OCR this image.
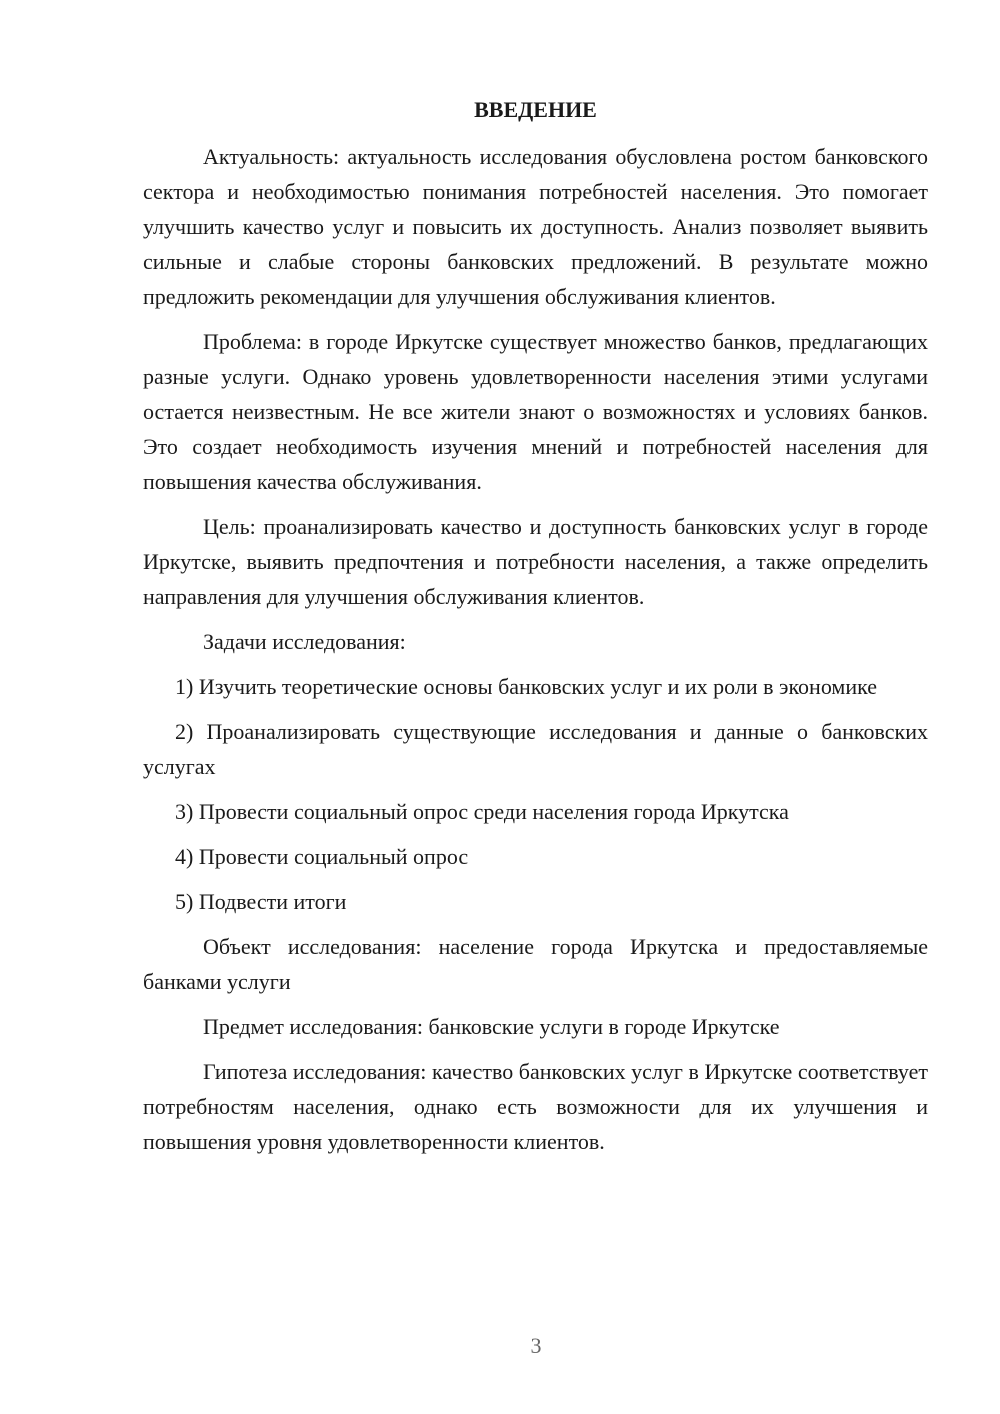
ВВЕДЕНИЕ

Актуальность: актуальность исследования обусловлена ростом банковского сектора и необходимостью понимания потребностей населения. Это помогает улучшить качество услуг и повысить их доступность. Анализ позволяет выявить сильные и слабые стороны банковских предложений. В результате можно предложить рекомендации для улучшения обслуживания клиентов.

Проблема: в городе Иркутске существует множество банков, предлагающих разные услуги. Однако уровень удовлетворенности населения этими услугами остается неизвестным. Не все жители знают о возможностях и условиях банков. Это создает необходимость изучения мнений и потребностей населения для повышения качества обслуживания.

Цель: проанализировать качество и доступность банковских услуг в городе Иркутске, выявить предпочтения и потребности населения, а также определить направления для улучшения обслуживания клиентов.

Задачи исследования:

1) Изучить теоретические основы банковских услуг и их роли в экономике

2) Проанализировать существующие исследования и данные о банковских услугах

3) Провести социальный опрос среди населения города Иркутска

4) Провести социальный опрос

5) Подвести итоги

Объект исследования: население города Иркутска и предоставляемые банками услуги

Предмет исследования: банковские услуги в городе Иркутске

Гипотеза исследования: качество банковских услуг в Иркутске соответствует потребностям населения, однако есть возможности для их улучшения и повышения уровня удовлетворенности клиентов.

3
